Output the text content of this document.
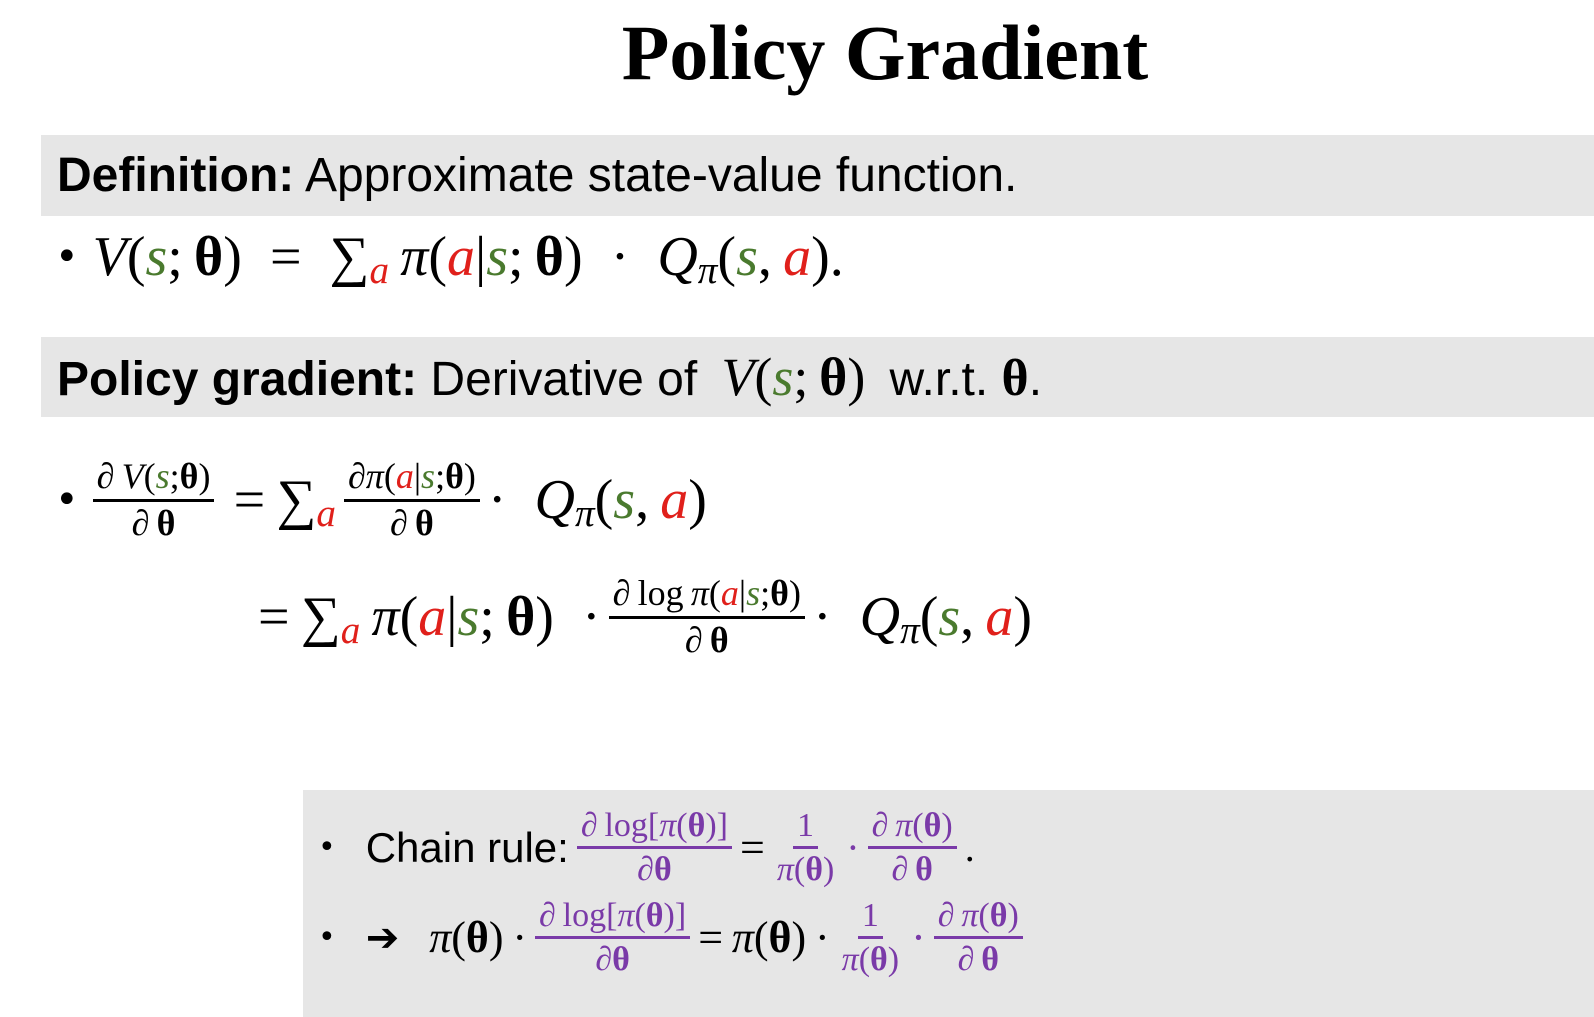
Policy Gradient
Definition: Approximate state-value function.
• V ( s ;  θ )  =
  ∑ a
  π ( a | s ;  θ )  ·
  Q π ( s ,  a ).
Policy gradient: Derivative of   V(s; θ)  w.r.t. θ.
• $\frac{\partial V(s;\theta)}{\partial \theta}$
  =
  ∑ a $\frac{\partial\pi(a|s;\theta)}{\partial \theta}$ ·
  Q π ( s ,  a )
=
  ∑ a
  π ( a | s ;  θ )  · $\frac{\text{∂  log  π(a|s;θ)}}{\partial \theta}$ ·
  Q π ( s ,  a )
• Chain rule: $\frac{\partial \log[\pi(\theta)]}{\partial\theta} = \frac{1}{\pi(\theta)} \cdot \frac{\partial \pi(\theta)}{\partial \theta}$ .
• ➔ π ( θ )  · $\frac{\partial \log[\pi(\theta)]}{\partial\theta}$ =
  π ( θ )  · $\frac{1}{\pi(\theta)} \cdot \frac{\partial \pi(\theta)}{\partial \theta}$
